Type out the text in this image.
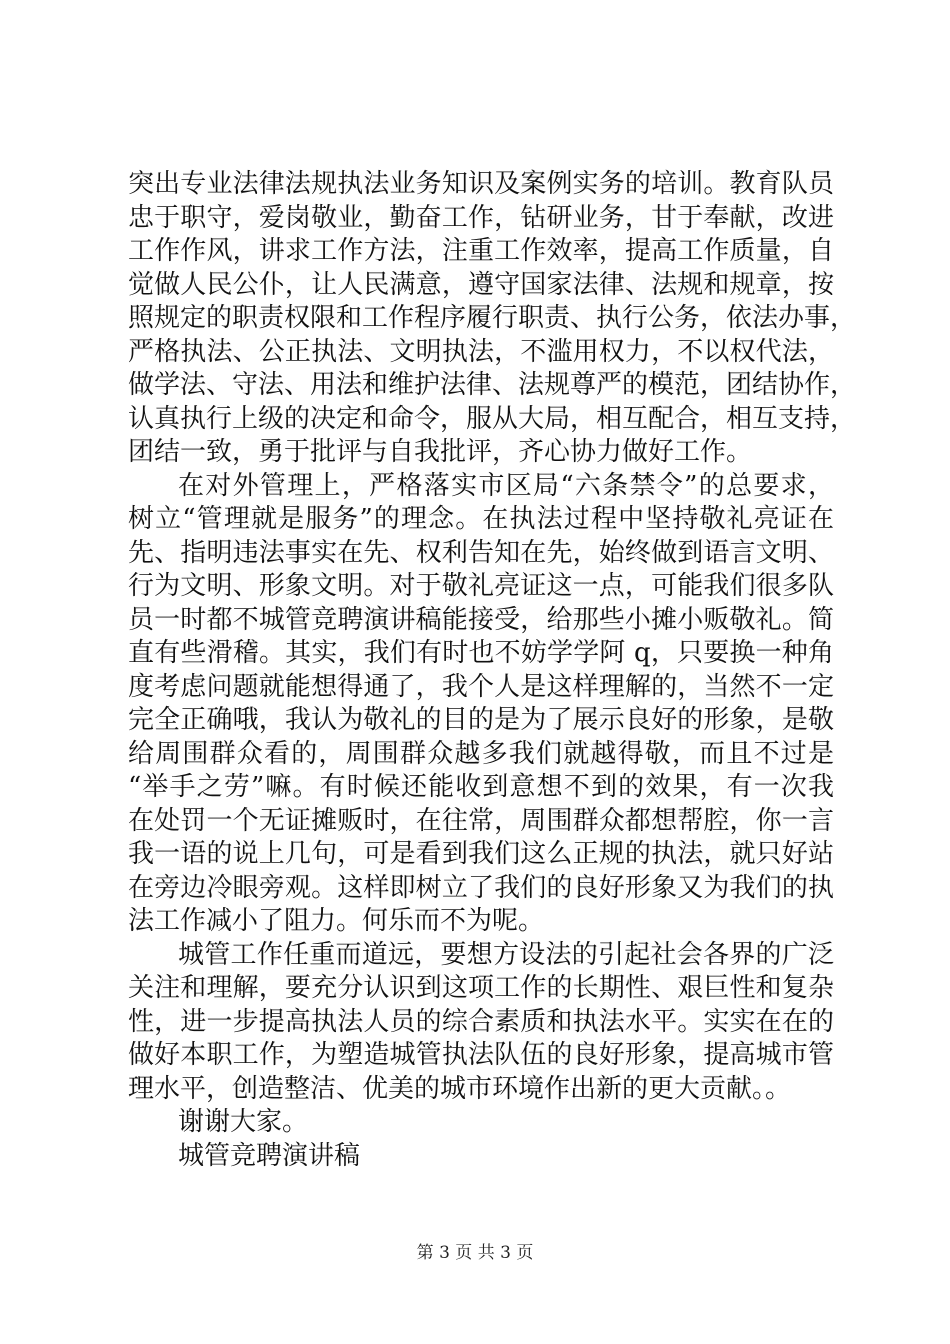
突出专业法律法规执法业务知识及案例实务的培训。教育队员
忠于职守，爱岗敬业，勤奋工作，钻研业务，甘于奉献，改进
工作作风，讲求工作方法，注重工作效率，提高工作质量，自
觉做人民公仆，让人民满意，遵守国家法律、法规和规章，按
照规定的职责权限和工作程序履行职责、执行公务，依法办事，
严格执法、公正执法、文明执法，不滥用权力，不以权代法，
做学法、守法、用法和维护法律、法规尊严的模范，团结协作，
认真执行上级的决定和命令，服从大局，相互配合，相互支持，
团结一致，勇于批评与自我批评，齐心协力做好工作。
在对外管理上，严格落实市区局“六条禁令”的总要求，
树立“管理就是服务”的理念。在执法过程中坚持敬礼亮证在
先、指明违法事实在先、权利告知在先，始终做到语言文明、
行为文明、形象文明。对于敬礼亮证这一点，可能我们很多队
员一时都不城管竞聘演讲稿能接受，给那些小摊小贩敬礼。简
直有些滑稽。其实，我们有时也不妨学学阿 q，只要换一种角
度考虑问题就能想得通了，我个人是这样理解的，当然不一定
完全正确哦，我认为敬礼的目的是为了展示良好的形象，是敬
给周围群众看的，周围群众越多我们就越得敬，而且不过是
“举手之劳”嘛。有时候还能收到意想不到的效果，有一次我
在处罚一个无证摊贩时，在往常，周围群众都想帮腔，你一言
我一语的说上几句，可是看到我们这么正规的执法，就只好站
在旁边冷眼旁观。这样即树立了我们的良好形象又为我们的执
法工作减小了阻力。何乐而不为呢。
城管工作任重而道远，要想方设法的引起社会各界的广泛
关注和理解，要充分认识到这项工作的长期性、艰巨性和复杂
性，进一步提高执法人员的综合素质和执法水平。实实在在的
做好本职工作，为塑造城管执法队伍的良好形象，提高城市管
理水平，创造整洁、优美的城市环境作出新的更大贡献。。
谢谢大家。
城管竞聘演讲稿
第 3 页 共 3 页
